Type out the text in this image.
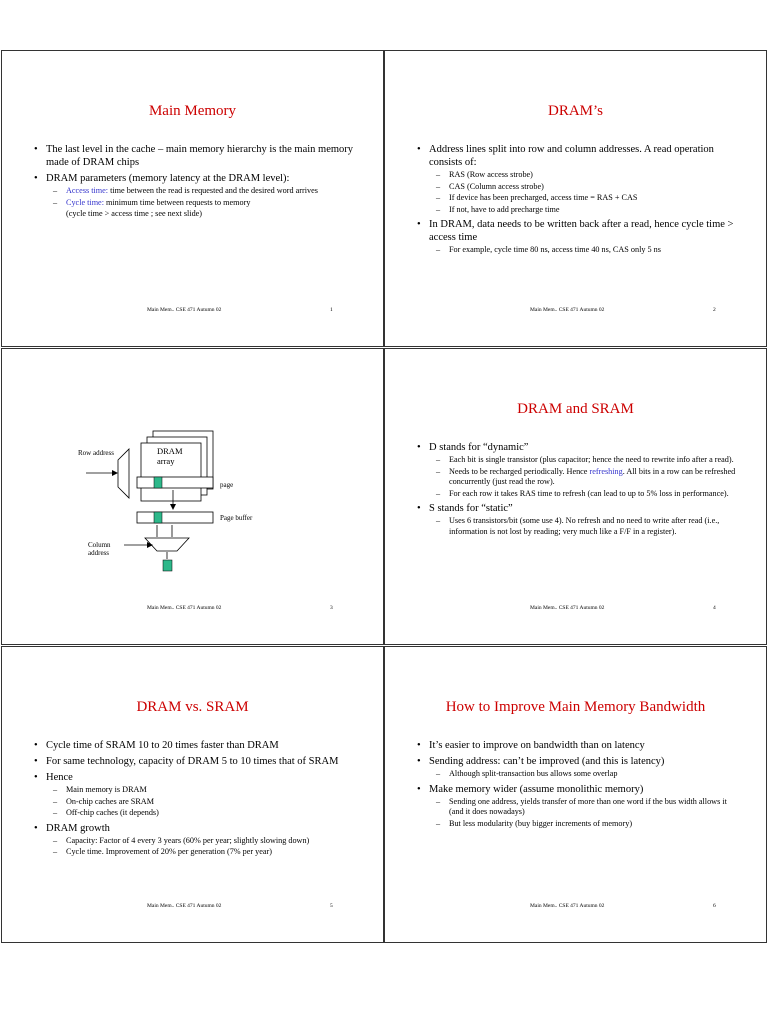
Main Memory
• The last level in the cache – main memory hierarchy is the main memory made of DRAM chips
• DRAM parameters (memory latency at the DRAM level):
– Access time: time between the read is requested and the desired word arrives
– Cycle time: minimum time between requests to memory
(cycle time > access time ; see next slide)
Main Mem.. CSE 471 Autumn 02	1
DRAM’s
• Address lines split into row and column addresses. A read operation consists of:
– RAS (Row access strobe)
– CAS (Column access strobe)
– If device has been precharged, access time = RAS + CAS
– If not, have to add precharge time
• In DRAM, data needs to be written back after a read, hence cycle time > access time
– For example, cycle time 80 ns, access time 40 ns, CAS only 5 ns
Main Mem.. CSE 471 Autumn 02	2
Row address	DRAM array
page
Page buffer
Column address
Main Mem.. CSE 471 Autumn 02	3
DRAM and SRAM
• D stands for “dynamic”
– Each bit is single transistor (plus capacitor; hence the need to rewrite info after a read).
– Needs to be recharged periodically. Hence refreshing. All bits in a row can be refreshed concurrently (just read the row).
– For each row it takes RAS time to refresh (can lead to up to 5% loss in performance).
• S stands for “static”
– Uses 6 transistors/bit (some use 4). No refresh and no need to write after read (i.e., information is not lost by reading; very much like a F/F in a register).
Main Mem.. CSE 471 Autumn 02	4
DRAM vs. SRAM
• Cycle time of SRAM 10 to 20 times faster than DRAM
• For same technology, capacity of DRAM 5 to 10 times that of SRAM
• Hence
– Main memory is DRAM
– On-chip caches are SRAM
– Off-chip caches (it depends)
• DRAM growth
– Capacity: Factor of 4 every 3 years (60% per year; slightly slowing down)
– Cycle time. Improvement of 20% per generation (7% per year)
Main Mem.. CSE 471 Autumn 02	5
How to Improve Main Memory Bandwidth
• It’s easier to improve on bandwidth than on latency
• Sending address: can’t be improved (and this is latency)
– Although split-transaction bus allows some overlap
• Make memory wider (assume monolithic memory)
– Sending one address, yields transfer of more than one word if the bus width allows it (and it does nowadays)
– But less modularity (buy bigger increments of memory)
Main Mem.. CSE 471 Autumn 02	6
